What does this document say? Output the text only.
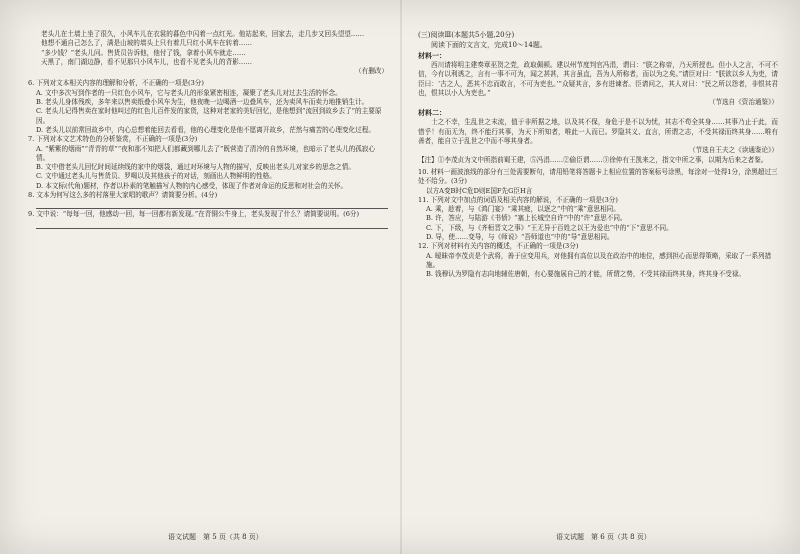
老头儿在土墙上坐了很久，小风车儿在衣裳的暮色中闪着一点红光。他站起来，回家去，走几步又回头望望……

他想不通自己怎么了，满是山坡的墙头上只有着几只红小风车在转着……

“多少钱？”老头儿问。售货员告诉他，他付了钱，拿着小风车就走……

天黑了，南门湖边静，看不见那只小风车儿，也看不见老头儿的背影……

（有删改）
6. 下列对文本相关内容的理解和分析，不正确的一项是(3分)
A. 文中多次写到作者的一只红色小风车，它与老头儿的形象紧密相连，凝聚了老头儿对过去生活的怀念。
B. 老头儿身体残疾，多年来以售卖纸叠小风车为生，他夜晚一边喝酒一边叠风车，还为卖风车而卖力地推销生计。
C. 老头儿记得售卖在家时他叫过的红色儿百件发的家货，这种对老家的美好回忆，是他想到“流回到故乡去了”的主要原因。
D. 老头儿以前常回故乡中，内心总想着能回去看看，他的心理变化是他不愿离开故乡，茫然与痛苦的心理变化过程。
7. 下列对本文艺术特色的分析鉴赏，不正确的一项是(3分)
A. “紫紫的烟雨”“青青的草”“夜和那不知把人们都藏到哪儿去了”既营造了清冷的自然环境，也暗示了老头儿的孤寂心情。
B. 文中借老头儿回忆时间延续线的家中的烟袋，通过对环境与人物的描写，反映出老头儿对家乡的思念之情。
C. 文中通过老头儿与售货员、罗喝以及其他孩子的对话，刻画出人物鲜明的性格。
D. 本文标(代角)题材，作者以朴素的笔触描写人物的内心感受，体现了作者对命运的反思和对社会的关怀。
8. 文本为何写这么多的村落里大家唱的歌声？请简要分析。(4分)
9. 文中说：“每每一回，他感动一回，每一回都有新发现。”在青铜公牛身上，老头发现了什么？请简要说明。(6分)
(三)阅读Ⅲ(本题共5小题,20分)
阅读下面的文言文，完成10～14题。
材料一：

西川请将明主建奏章巫贺之党，政取佩顿。建以州节度判官冯涓，谓曰：“朕之称帝，乃天所授也。但小人之言，不可不信，今有以利诱之，言有一事不可为，闻之甚甚，其言虽直，吾为人所称者，而以为之矣。”请臣对曰：“朕欲以乡人为吏，请臣曰：‘古之人，恶其不忠而敢言，不可为吏也。’”众疑其言，多有进谏者。臣请问之，其人对曰：“民之所以怨者，非恨其君也，恨其以小人为吏也。”

（节选自《资治通鉴》）
材料二：

士之不幸，生乱世之末流，值于非所据之地，以及其不保，身危于是不以为忧，其志不苟全其身……其事乃止于此，而惜乎！有而无为，终不能行其事，为天下所知者，唯此一人而已。罗隐其义、直言，所谓之志，不受其禄而终其身……唯有善者，能自立于乱世之中而不辱其身者。

（节选自王夫之《读通鉴论》）
【注】①李茂贞为文中所指前蜀王建，⑤冯涓……②偷臣谓……③徐仲有王凯来之，指文中所之事，以期为后来之者鉴。
10. 材料一画波浪线的部分有三处需要断句，请用铅笔将答题卡上相应位置的答案标号涂黑，每涂对一处得1分，涂黑超过三处不给分。(3分)
以方A变B时C危D则E国F先G臣H言
11. 下列对文中加点的词语及相关内容的解说，不正确的一项是(3分)
A. 乘，趁着，与《鸿门宴》“乘其疲，以逐之”中的“乘”意思相同。
B. 许，答应，与陆游《书愤》“塞上长城空自许”中的“许”意思不同。
C. 下，下级，与《齐桓晋文之事》“王无异于百姓之以王为爱也”中的“下”意思不同。
D. 导，使……变导，与《师说》“吾师道也”中的“导”意思相同。
12. 下列对材料有关内容的概述，不正确的一项是(3分)
A. 暧昧帝李茂贞是个武将，善于应变用兵，对他拥有高位以及在政治中的地位，感到担心而思得策略，采取了一系列措施。
B. 钱穆认为罗隐有志向地辅佐唐朝，有心要施展自己的才能，所谓之势，不受其禄而终其身，终其身不受禄。
语文试题　第 5 页（共 8 页）	语文试题　第 6 页（共 8 页）
